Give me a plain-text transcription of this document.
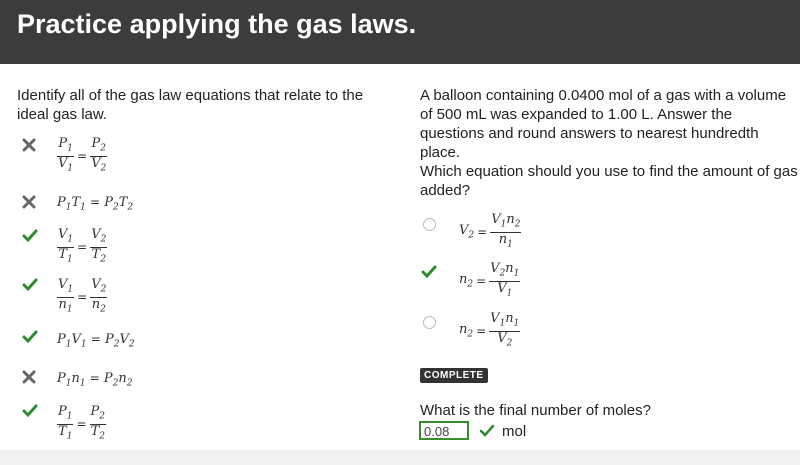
Practice applying the gas laws.
Identify all of the gas law equations that relate to the ideal gas law.
$\frac{P_1}{V_1} = \frac{P_2}{V_2}$
$P_1T_1 = P_2T_2$
$\frac{V_1}{T_1} = \frac{V_2}{T_2}$
$\frac{V_1}{n_1} = \frac{V_2}{n_2}$
$P_1V_1 = P_2V_2$
$P_1n_1 = P_2n_2$
$\frac{P_1}{T_1} = \frac{P_2}{T_2}$
A balloon containing 0.0400 mol of a gas with a volume of 500 mL was expanded to 1.00 L. Answer the questions and round answers to nearest hundredth place.
Which equation should you use to find the amount of gas added?
$V_2 = \frac{V_1n_2}{n_1}$
$n_2 = \frac{V_2n_1}{V_1}$
$n_2 = \frac{V_1n_1}{V_2}$
COMPLETE
What is the final number of moles?
0.08	mol
